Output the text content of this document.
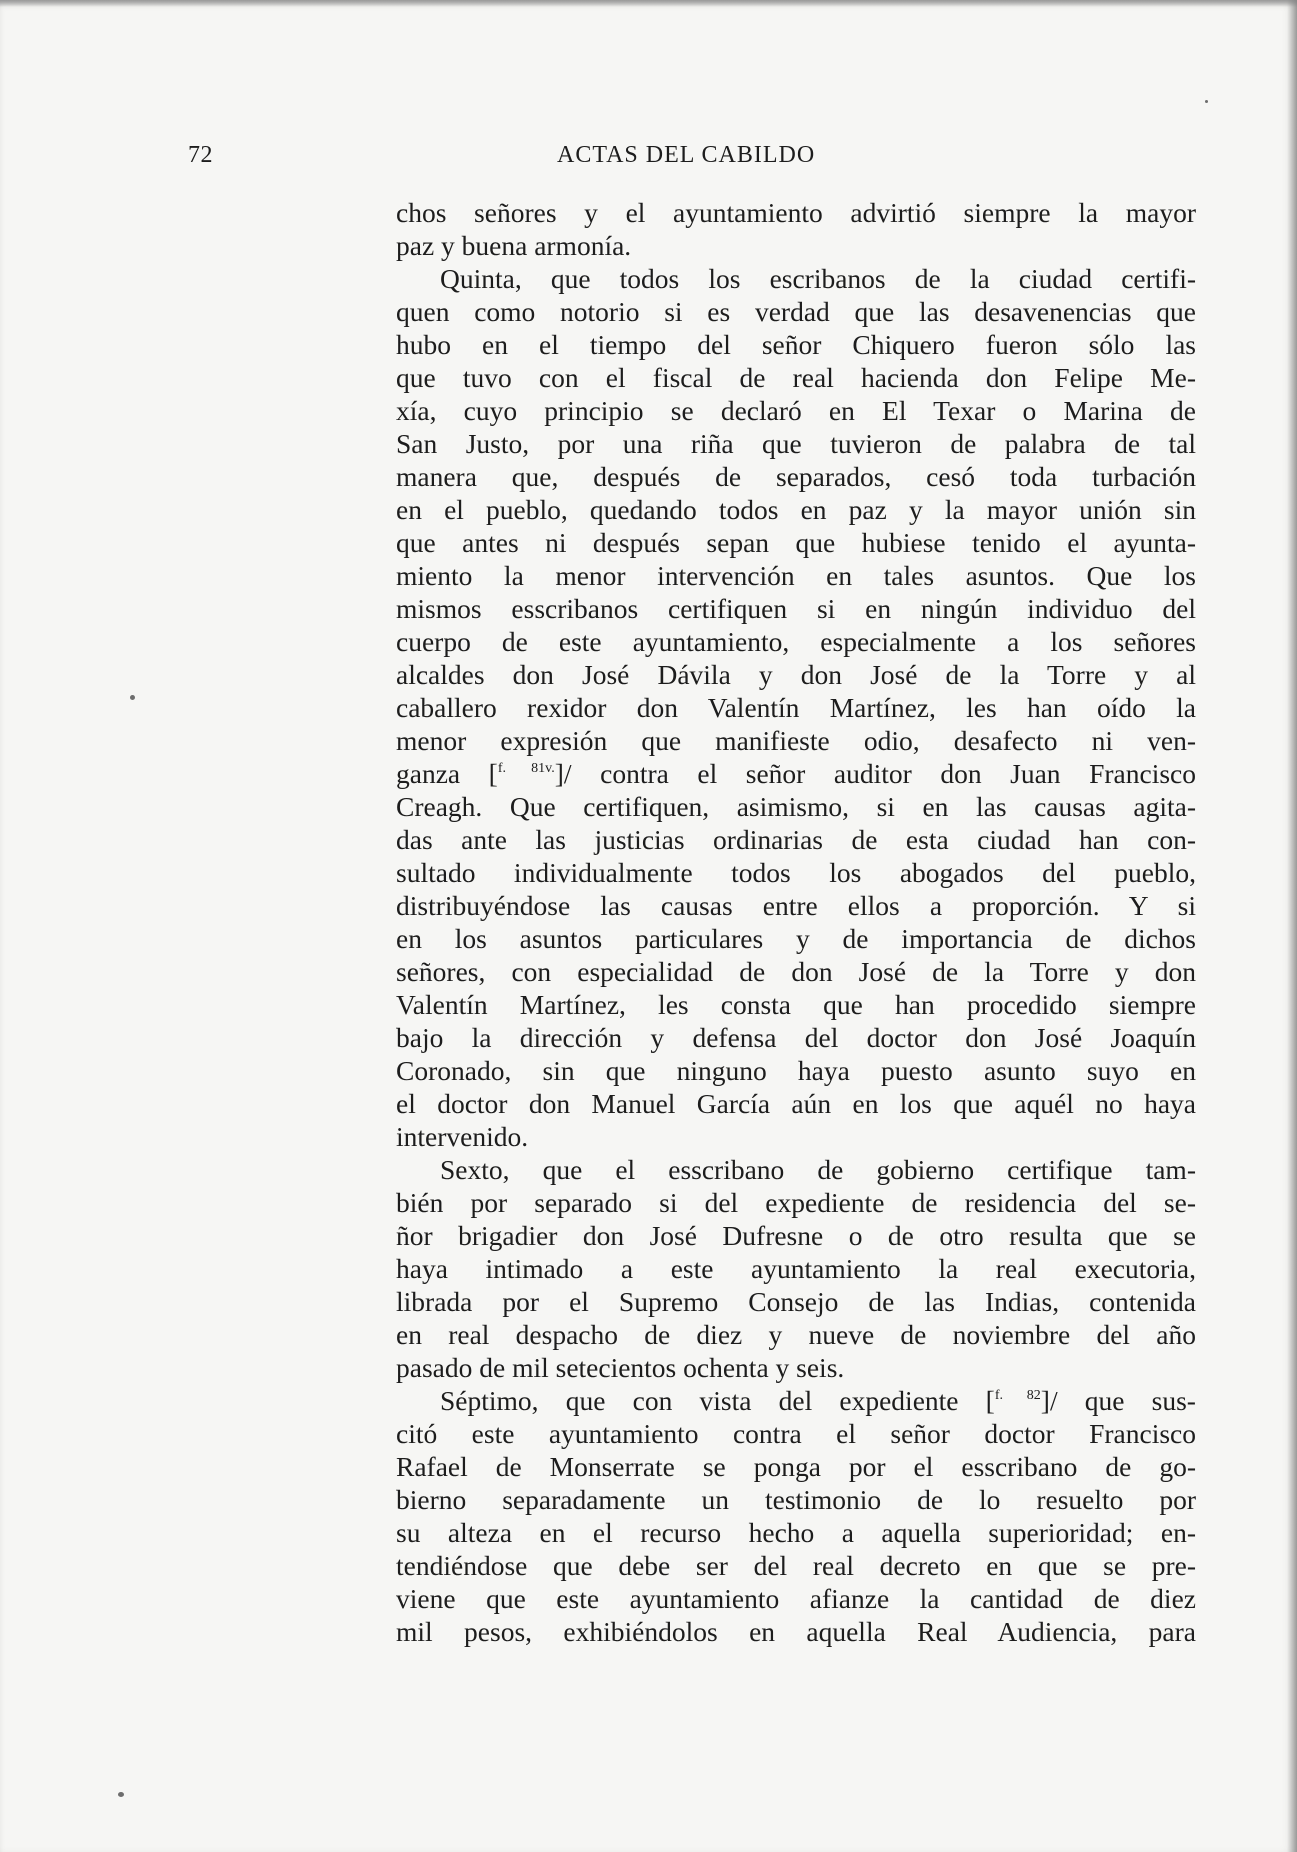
72	ACTAS DEL CABILDO
chos señores y el ayuntamiento advirtió siempre la mayor
paz y buena armonía.
Quinta, que todos los escribanos de la ciudad certifi-
quen como notorio si es verdad que las desavenencias que
hubo en el tiempo del señor Chiquero fueron sólo las
que tuvo con el fiscal de real hacienda don Felipe Me-
xía, cuyo principio se declaró en El Texar o Marina de
San Justo, por una riña que tuvieron de palabra de tal
manera que, después de separados, cesó toda turbación
en el pueblo, quedando todos en paz y la mayor unión sin
que antes ni después sepan que hubiese tenido el ayunta-
miento la menor intervención en tales asuntos. Que los
mismos esscribanos certifiquen si en ningún individuo del
cuerpo de este ayuntamiento, especialmente a los señores
alcaldes don José Dávila y don José de la Torre y al
caballero rexidor don Valentín Martínez, les han oído la
menor expresión que manifieste odio, desafecto ni ven-
ganza [$^{f. 81v.}$]/ contra el señor auditor don Juan Francisco
Creagh. Que certifiquen, asimismo, si en las causas agita-
das ante las justicias ordinarias de esta ciudad han con-
sultado individualmente todos los abogados del pueblo,
distribuyéndose las causas entre ellos a proporción. Y si
en los asuntos particulares y de importancia de dichos
señores, con especialidad de don José de la Torre y don
Valentín Martínez, les consta que han procedido siempre
bajo la dirección y defensa del doctor don José Joaquín
Coronado, sin que ninguno haya puesto asunto suyo en
el doctor don Manuel García aún en los que aquél no haya
intervenido.
Sexto, que el esscribano de gobierno certifique tam-
bién por separado si del expediente de residencia del se-
ñor brigadier don José Dufresne o de otro resulta que se
haya intimado a este ayuntamiento la real executoria,
librada por el Supremo Consejo de las Indias, contenida
en real despacho de diez y nueve de noviembre del año
pasado de mil setecientos ochenta y seis.
Séptimo, que con vista del expediente [$^{f. 82}$]/ que sus-
citó este ayuntamiento contra el señor doctor Francisco
Rafael de Monserrate se ponga por el esscribano de go-
bierno separadamente un testimonio de lo resuelto por
su alteza en el recurso hecho a aquella superioridad; en-
tendiéndose que debe ser del real decreto en que se pre-
viene que este ayuntamiento afianze la cantidad de diez
mil pesos, exhibiéndolos en aquella Real Audiencia, para
